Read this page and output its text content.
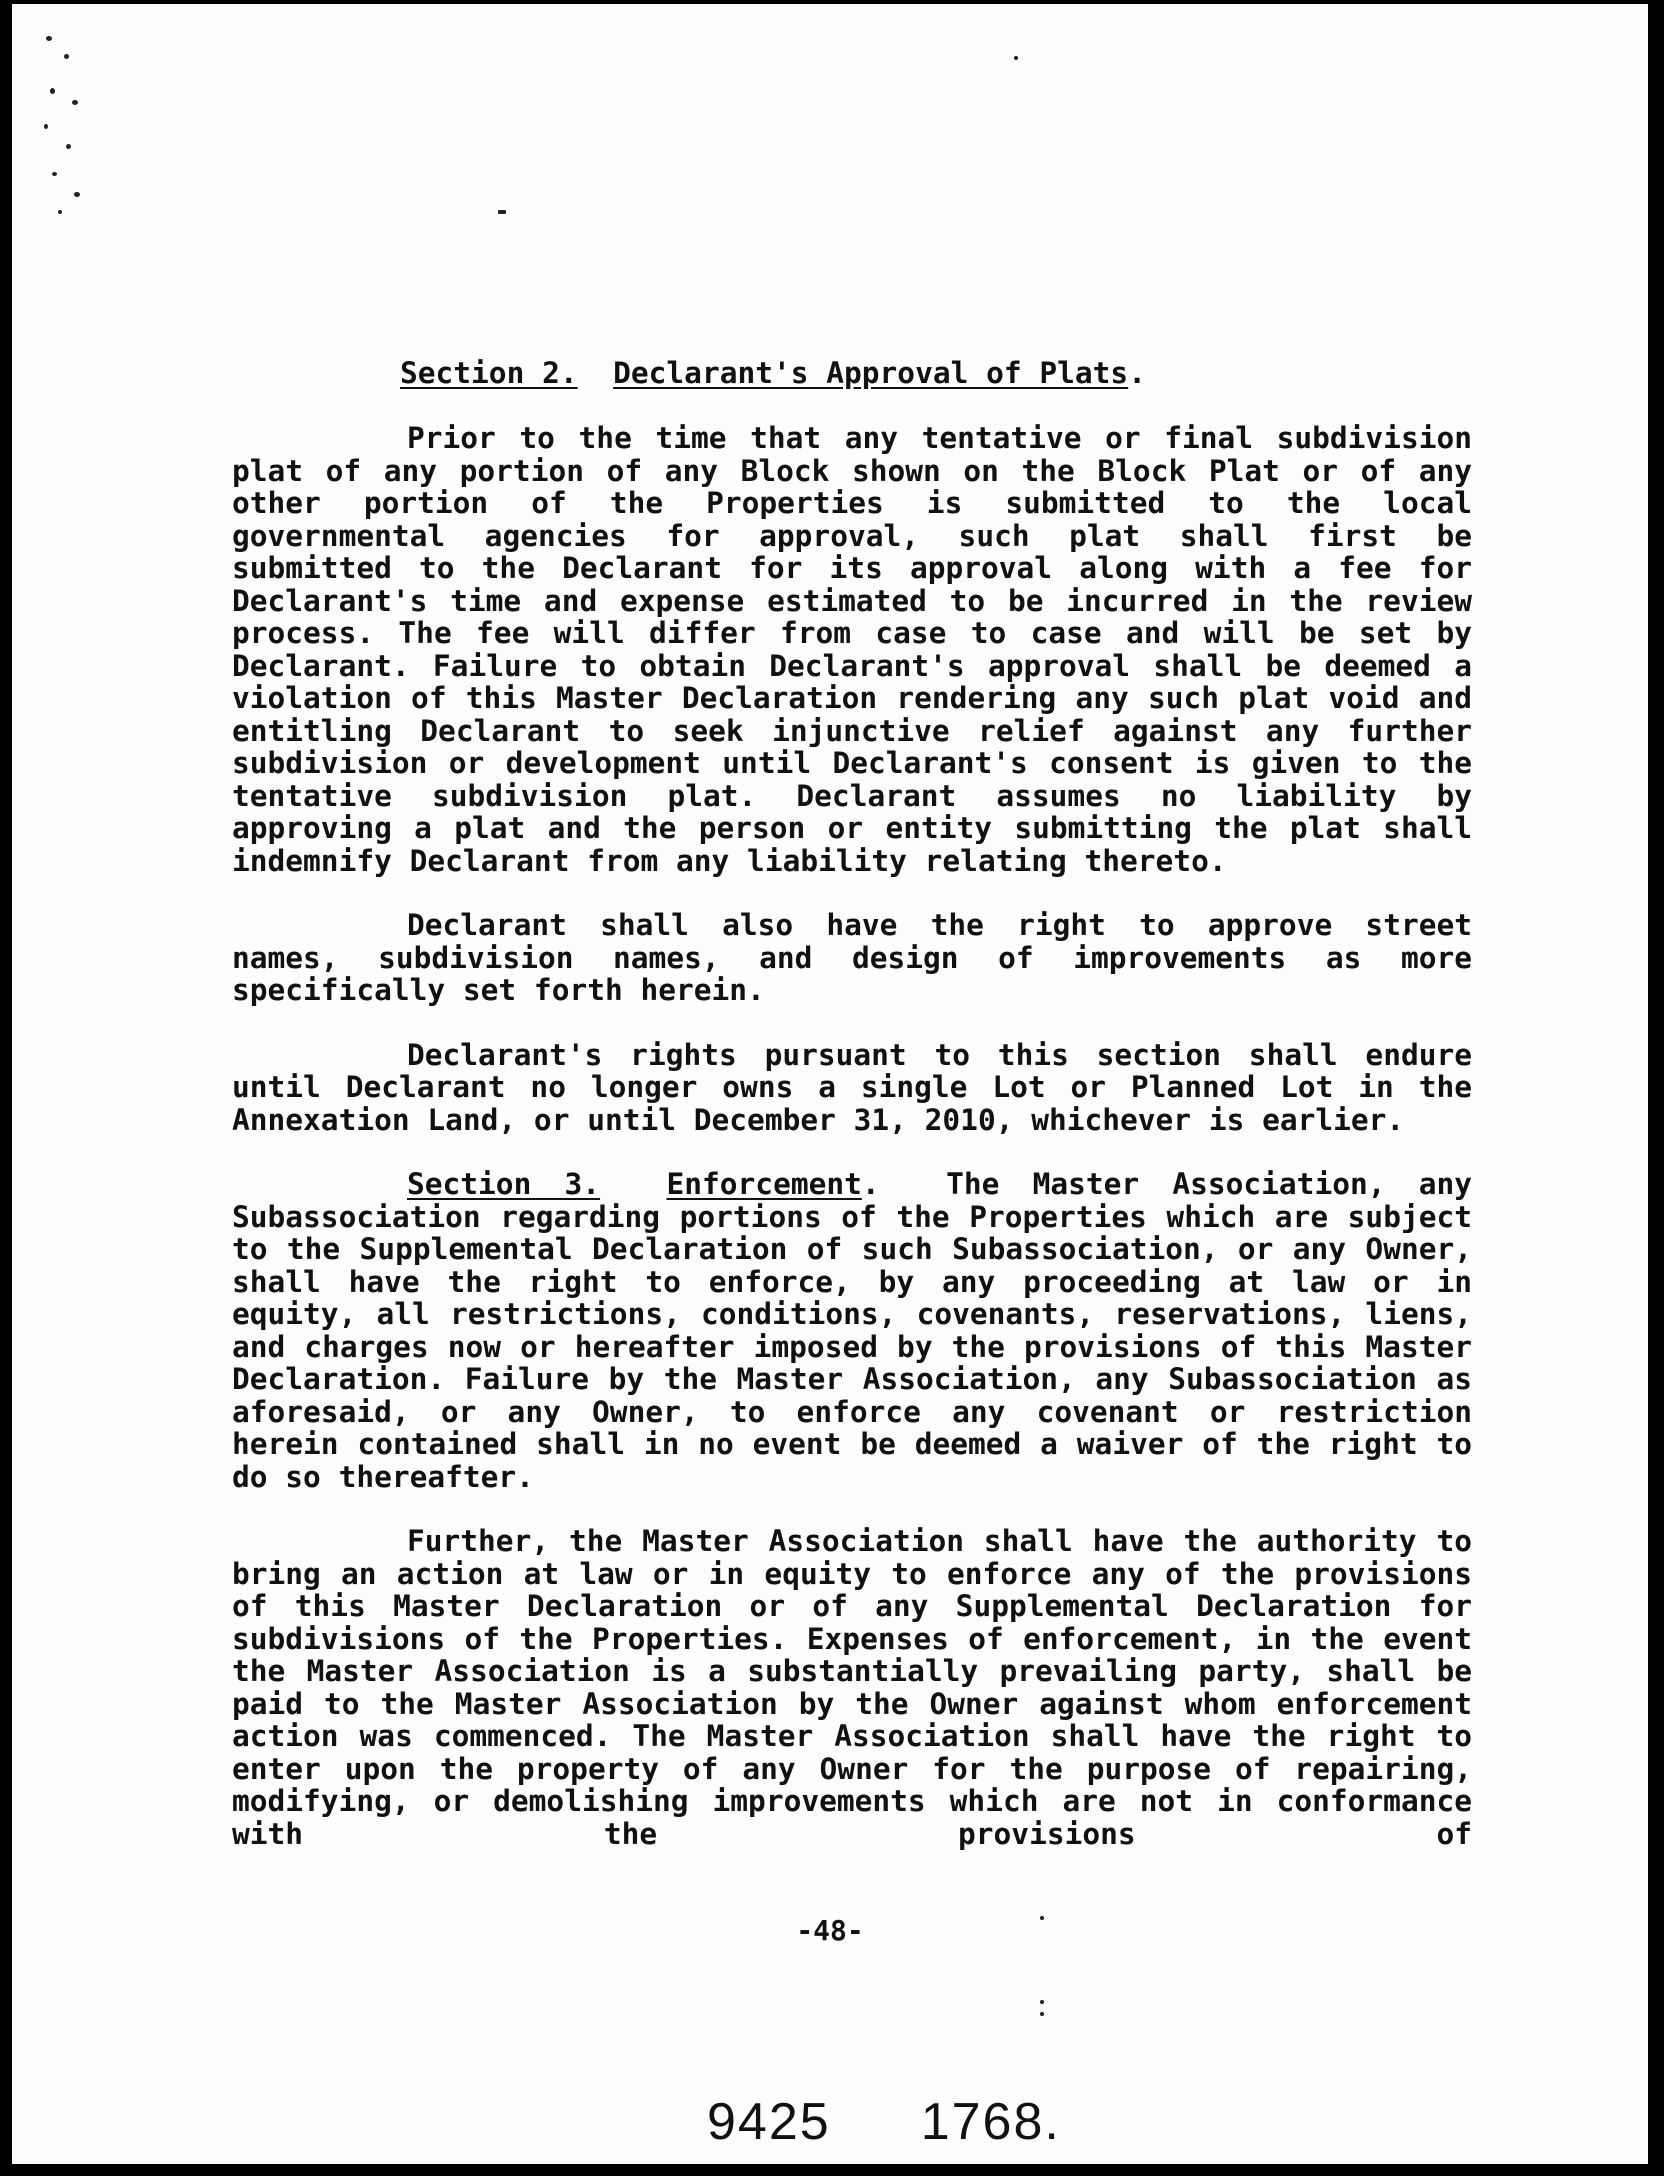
Section 2. Declarant's Approval of Plats.

Prior to the time that any tentative or final subdivision plat of any portion of any Block shown on the Block Plat or of any other portion of the Properties is submitted to the local governmental agencies for approval, such plat shall first be submitted to the Declarant for its approval along with a fee for Declarant's time and expense estimated to be incurred in the review process. The fee will differ from case to case and will be set by Declarant. Failure to obtain Declarant's approval shall be deemed a violation of this Master Declaration rendering any such plat void and entitling Declarant to seek injunctive relief against any further subdivision or development until Declarant's consent is given to the tentative subdivision plat. Declarant assumes no liability by approving a plat and the person or entity submitting the plat shall indemnify Declarant from any liability relating thereto.

Declarant shall also have the right to approve street names, subdivision names, and design of improvements as more specifically set forth herein.

Declarant's rights pursuant to this section shall endure until Declarant no longer owns a single Lot or Planned Lot in the Annexation Land, or until December 31, 2010, whichever is earlier.

Section 3. Enforcement.  The Master Association, any Subassociation regarding portions of the Properties which are subject to the Supplemental Declaration of such Subassociation, or any Owner, shall have the right to enforce, by any proceeding at law or in equity, all restrictions, conditions, covenants, reservations, liens, and charges now or hereafter imposed by the provisions of this Master Declaration. Failure by the Master Association, any Subassociation as aforesaid, or any Owner, to enforce any covenant or restriction herein contained shall in no event be deemed a waiver of the right to do so thereafter.

Further, the Master Association shall have the authority to bring an action at law or in equity to enforce any of the provisions of this Master Declaration or of any Supplemental Declaration for subdivisions of the Properties. Expenses of enforcement, in the event the Master Association is a substantially prevailing party, shall be paid to the Master Association by the Owner against whom enforcement action was commenced. The Master Association shall have the right to enter upon the property of any Owner for the purpose of repairing, modifying, or demolishing improvements which are not in conformance with the provisions of

-48-
9425 1768.
